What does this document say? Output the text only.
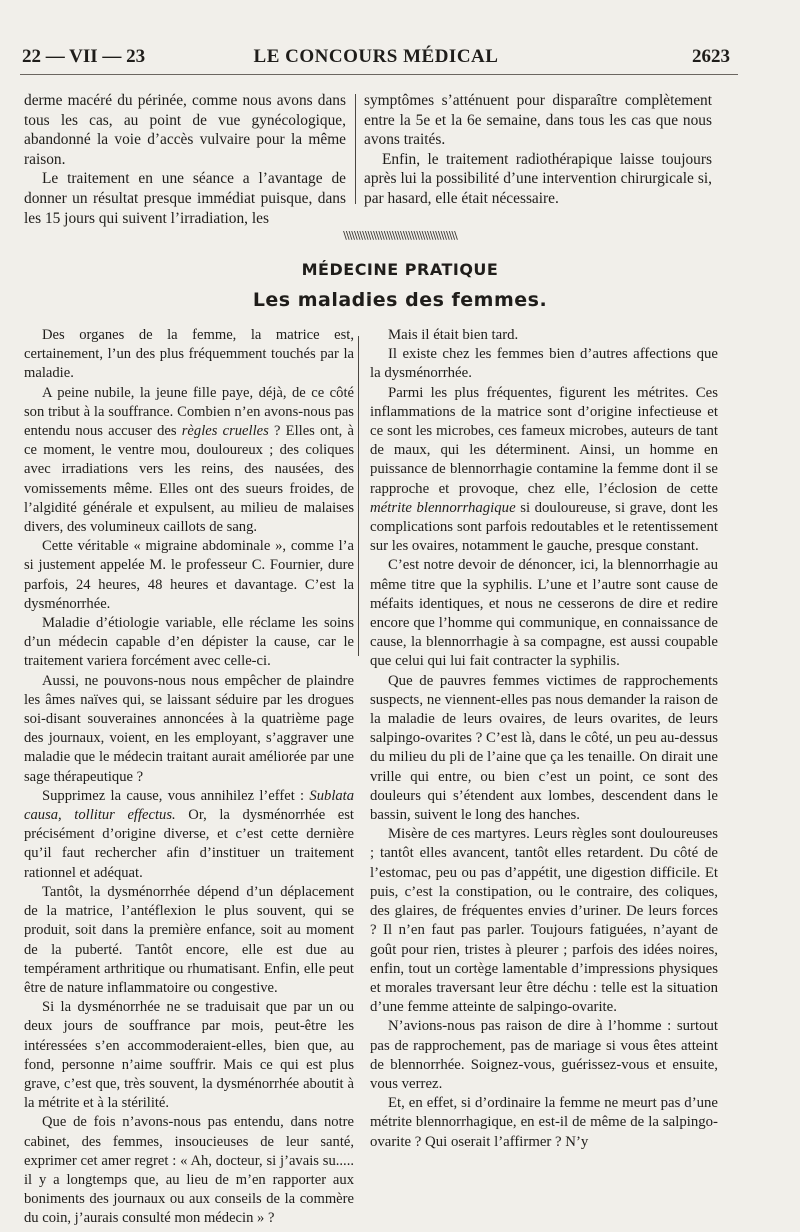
22 — VII — 23	LE CONCOURS MÉDICAL	2623

derme macéré du périnée, comme nous avons dans tous les cas, au point de vue gynécologique, abandonné la voie d’accès vulvaire pour la même raison.

Le traitement en une séance a l’avantage de donner un résultat presque immédiat puisque, dans les 15 jours qui suivent l’irradiation, les

symptômes s’atténuent pour disparaître complètement entre la 5e et la 6e semaine, dans tous les cas que nous avons traités.

Enfin, le traitement radiothérapique laisse toujours après lui la possibilité d’une intervention chirurgicale si, par hasard, elle était nécessaire.

\\\\\\\\\\\\\\\\\\\\\\\\\\\\\\\\\\\\\\\\\\
MÉDECINE PRATIQUE
Les maladies des femmes.

Des organes de la femme, la matrice est, certainement, l’un des plus fréquemment touchés par la maladie.

A peine nubile, la jeune fille paye, déjà, de ce côté son tribut à la souffrance. Combien n’en avons-nous pas entendu nous accuser des règles cruelles ? Elles ont, à ce moment, le ventre mou, douloureux ; des coliques avec irradiations vers les reins, des nausées, des vomissements même. Elles ont des sueurs froides, de l’algidité générale et expulsent, au milieu de malaises divers, des volumineux caillots de sang.

Cette véritable « migraine abdominale », comme l’a si justement appelée M. le professeur C. Fournier, dure parfois, 24 heures, 48 heures et davantage. C’est la dysménorrhée.

Maladie d’étiologie variable, elle réclame les soins d’un médecin capable d’en dépister la cause, car le traitement variera forcément avec celle-ci.

Aussi, ne pouvons-nous nous empêcher de plaindre les âmes naïves qui, se laissant séduire par les drogues soi-disant souveraines annoncées à la quatrième page des journaux, voient, en les employant, s’aggraver une maladie que le médecin traitant aurait améliorée par une sage thérapeutique ?

Supprimez la cause, vous annihilez l’effet : Sublata causa, tollitur effectus. Or, la dysménorrhée est précisément d’origine diverse, et c’est cette dernière qu’il faut rechercher afin d’instituer un traitement rationnel et adéquat.

Tantôt, la dysménorrhée dépend d’un déplacement de la matrice, l’antéflexion le plus souvent, qui se produit, soit dans la première enfance, soit au moment de la puberté. Tantôt encore, elle est due au tempérament arthritique ou rhumatisant. Enfin, elle peut être de nature inflammatoire ou congestive.

Si la dysménorrhée ne se traduisait que par un ou deux jours de souffrance par mois, peut-être les intéressées s’en accommoderaient-elles, bien que, au fond, personne n’aime souffrir. Mais ce qui est plus grave, c’est que, très souvent, la dysménorrhée aboutit à la métrite et à la stérilité.

Que de fois n’avons-nous pas entendu, dans notre cabinet, des femmes, insoucieuses de leur santé, exprimer cet amer regret : « Ah, docteur, si j’avais su..... il y a longtemps que, au lieu de m’en rapporter aux boniments des journaux ou aux conseils de la commère du coin, j’aurais consulté mon médecin » ?

Mais il était bien tard.

Il existe chez les femmes bien d’autres affections que la dysménorrhée.

Parmi les plus fréquentes, figurent les métrites. Ces inflammations de la matrice sont d’origine infectieuse et ce sont les microbes, ces fameux microbes, auteurs de tant de maux, qui les déterminent. Ainsi, un homme en puissance de blennorrhagie contamine la femme dont il se rapproche et provoque, chez elle, l’éclosion de cette métrite blennorrhagique si douloureuse, si grave, dont les complications sont parfois redoutables et le retentissement sur les ovaires, notamment le gauche, presque constant.

C’est notre devoir de dénoncer, ici, la blennorrhagie au même titre que la syphilis. L’une et l’autre sont cause de méfaits identiques, et nous ne cesserons de dire et redire encore que l’homme qui communique, en connaissance de cause, la blennorrhagie à sa compagne, est aussi coupable que celui qui lui fait contracter la syphilis.

Que de pauvres femmes victimes de rapprochements suspects, ne viennent-elles pas nous demander la raison de la maladie de leurs ovaires, de leurs ovarites, de leurs salpingo-ovarites ? C’est là, dans le côté, un peu au-dessus du milieu du pli de l’aine que ça les tenaille. On dirait une vrille qui entre, ou bien c’est un point, ce sont des douleurs qui s’étendent aux lombes, descendent dans le bassin, suivent le long des hanches.

Misère de ces martyres. Leurs règles sont douloureuses ; tantôt elles avancent, tantôt elles retardent. Du côté de l’estomac, peu ou pas d’appétit, une digestion difficile. Et puis, c’est la constipation, ou le contraire, des coliques, des glaires, de fréquentes envies d’uriner. De leurs forces ? Il n’en faut pas parler. Toujours fatiguées, n’ayant de goût pour rien, tristes à pleurer ; parfois des idées noires, enfin, tout un cortège lamentable d’impressions physiques et morales traversant leur être déchu : telle est la situation d’une femme atteinte de salpingo-ovarite.

N’avions-nous pas raison de dire à l’homme : surtout pas de rapprochement, pas de mariage si vous êtes atteint de blennorrhée. Soignez-vous, guérissez-vous et ensuite, vous verrez.

Et, en effet, si d’ordinaire la femme ne meurt pas d’une métrite blennorrhagique, en est-il de même de la salpingo-ovarite ? Qui oserait l’affirmer ? N’y
